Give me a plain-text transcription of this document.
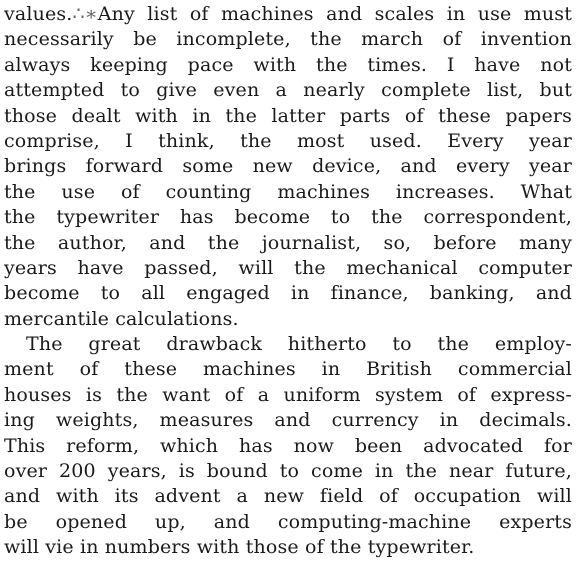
values.∴∗Any list of machines and scales in use must
necessarily be incomplete, the march of invention
always keeping pace with the times. I have not
attempted to give even a nearly complete list, but
those dealt with in the latter parts of these papers
comprise, I think, the most used. Every year
brings forward some new device, and every year
the use of counting machines increases. What
the typewriter has become to the correspondent,
the author, and the journalist, so, before many
years have passed, will the mechanical computer
become to all engaged in finance, banking, and
mercantile calculations.
The great drawback hitherto to the employ-
ment of these machines in British commercial
houses is the want of a uniform system of express-
ing weights, measures and currency in decimals.
This reform, which has now been advocated for
over 200 years, is bound to come in the near future,
and with its advent a new field of occupation will
be opened up, and computing-machine experts
will vie in numbers with those of the typewriter.
